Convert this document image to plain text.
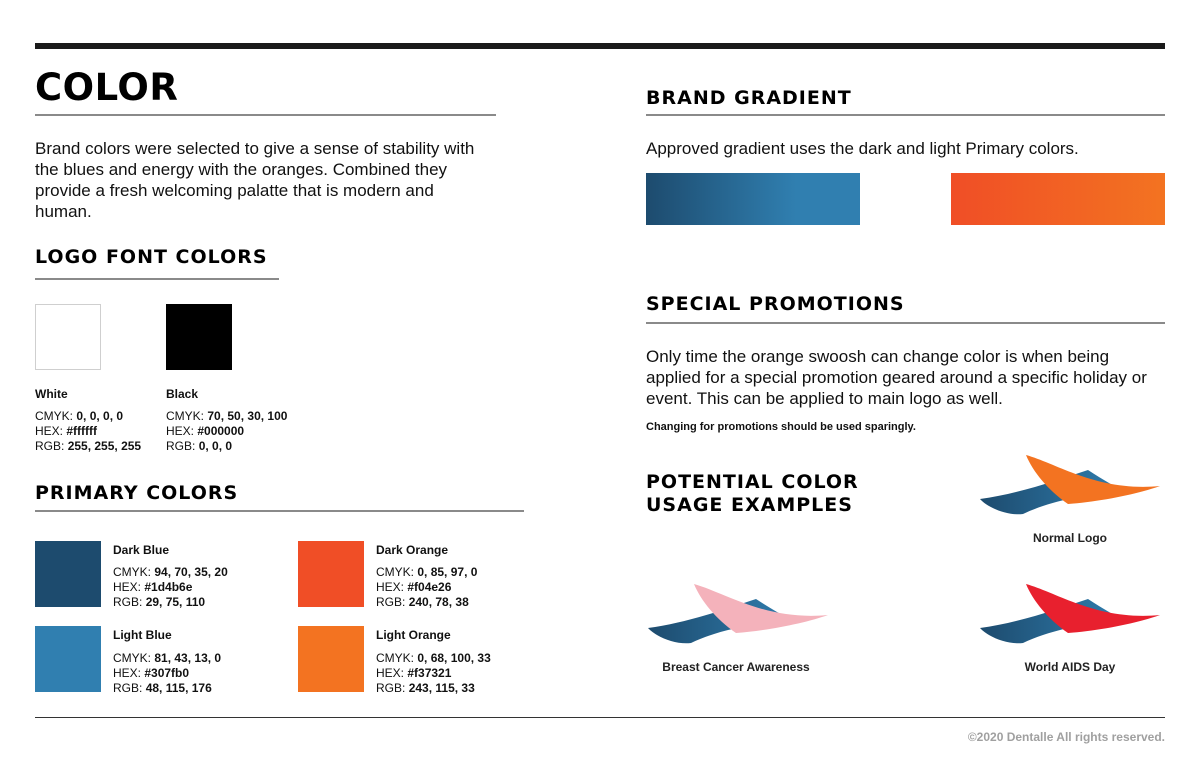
COLOR
Brand colors were selected to give a sense of stability with the blues and energy with the oranges. Combined they provide a fresh welcoming palatte that is modern and human.
LOGO FONT COLORS
White
CMYK: 0, 0, 0, 0
HEX: #ffffff
RGB: 255, 255, 255
Black
CMYK: 70, 50, 30, 100
HEX: #000000
RGB: 0, 0, 0
PRIMARY COLORS
Dark Blue
CMYK: 94, 70, 35, 20
HEX: #1d4b6e
RGB: 29, 75, 110
Dark Orange
CMYK: 0, 85, 97, 0
HEX: #f04e26
RGB: 240, 78, 38
Light Blue
CMYK: 81, 43, 13, 0
HEX: #307fb0
RGB: 48, 115, 176
Light Orange
CMYK: 0, 68, 100, 33
HEX: #f37321
RGB: 243, 115, 33
BRAND GRADIENT
Approved gradient uses the dark and light Primary colors.
SPECIAL PROMOTIONS
Only time the orange swoosh can change color is when being applied for a special promotion geared around a specific holiday or event. This can be applied to main logo as well.
Changing for promotions should be used sparingly.
POTENTIAL COLOR
USAGE EXAMPLES
Normal Logo
Breast Cancer Awareness	World AIDS Day
©2020 Dentalle All rights reserved.
